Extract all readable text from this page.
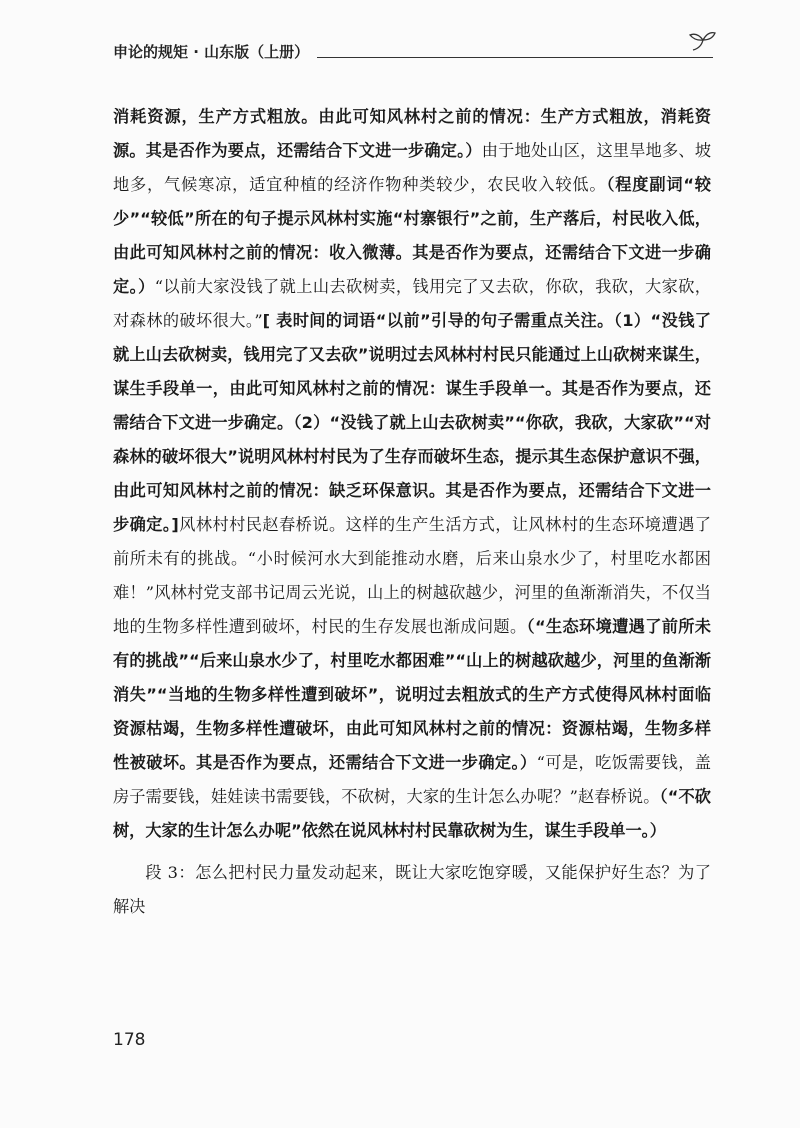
申论的规矩 · 山东版（上册）

消耗资源，生产方式粗放。由此可知风林村之前的情况：生产方式粗放，消耗资源。其是否作为要点，还需结合下文进一步确定。）由于地处山区，这里旱地多、坡地多，气候寒凉，适宜种植的经济作物种类较少，农民收入较低。（程度副词“较少”“较低”所在的句子提示风林村实施“村寨银行”之前，生产落后，村民收入低，由此可知风林村之前的情况：收入微薄。其是否作为要点，还需结合下文进一步确定。）“以前大家没钱了就上山去砍树卖，钱用完了又去砍，你砍，我砍，大家砍，对森林的破坏很大。”[ 表时间的词语“以前”引导的句子需重点关注。（1）“没钱了就上山去砍树卖，钱用完了又去砍”说明过去风林村村民只能通过上山砍树来谋生，谋生手段单一，由此可知风林村之前的情况：谋生手段单一。其是否作为要点，还需结合下文进一步确定。（2）“没钱了就上山去砍树卖”“你砍，我砍，大家砍”“对森林的破坏很大”说明风林村村民为了生存而破坏生态，提示其生态保护意识不强，由此可知风林村之前的情况：缺乏环保意识。其是否作为要点，还需结合下文进一步确定。]风林村村民赵春桥说。这样的生产生活方式，让风林村的生态环境遭遇了前所未有的挑战。“小时候河水大到能推动水磨，后来山泉水少了，村里吃水都困难！”风林村党支部书记周云光说，山上的树越砍越少，河里的鱼渐渐消失，不仅当地的生物多样性遭到破坏，村民的生存发展也渐成问题。（“生态环境遭遇了前所未有的挑战”“后来山泉水少了，村里吃水都困难”“山上的树越砍越少，河里的鱼渐渐消失”“当地的生物多样性遭到破坏”，说明过去粗放式的生产方式使得风林村面临资源枯竭，生物多样性遭破坏，由此可知风林村之前的情况：资源枯竭，生物多样性被破坏。其是否作为要点，还需结合下文进一步确定。）“可是，吃饭需要钱，盖房子需要钱，娃娃读书需要钱，不砍树，大家的生计怎么办呢？”赵春桥说。（“不砍树，大家的生计怎么办呢”依然在说风林村村民靠砍树为生，谋生手段单一。）

段 3：怎么把村民力量发动起来，既让大家吃饱穿暖，又能保护好生态？为了解决

178
